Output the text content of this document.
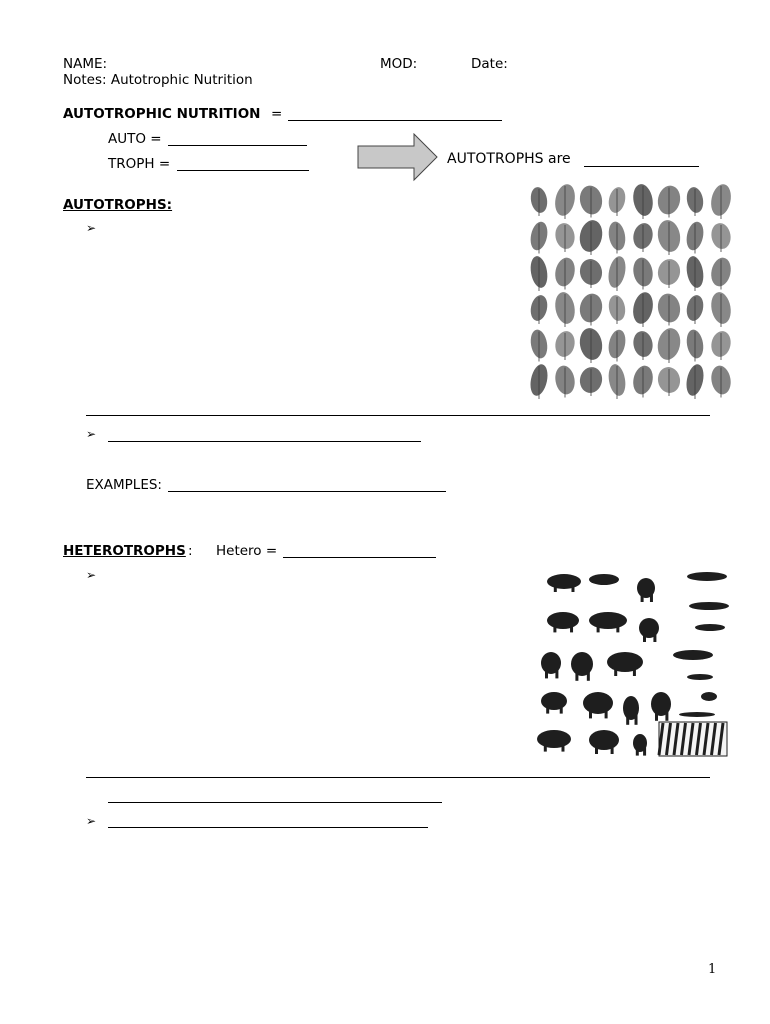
NAME:	MOD:	Date:
Notes: Autotrophic Nutrition
AUTOTROPHIC NUTRITION =
AUTO =
TROPH =	AUTOTROPHS are
AUTOTROPHS:
➢
➢
EXAMPLES:
HETEROTROPHS : Hetero =
➢
➢
1
